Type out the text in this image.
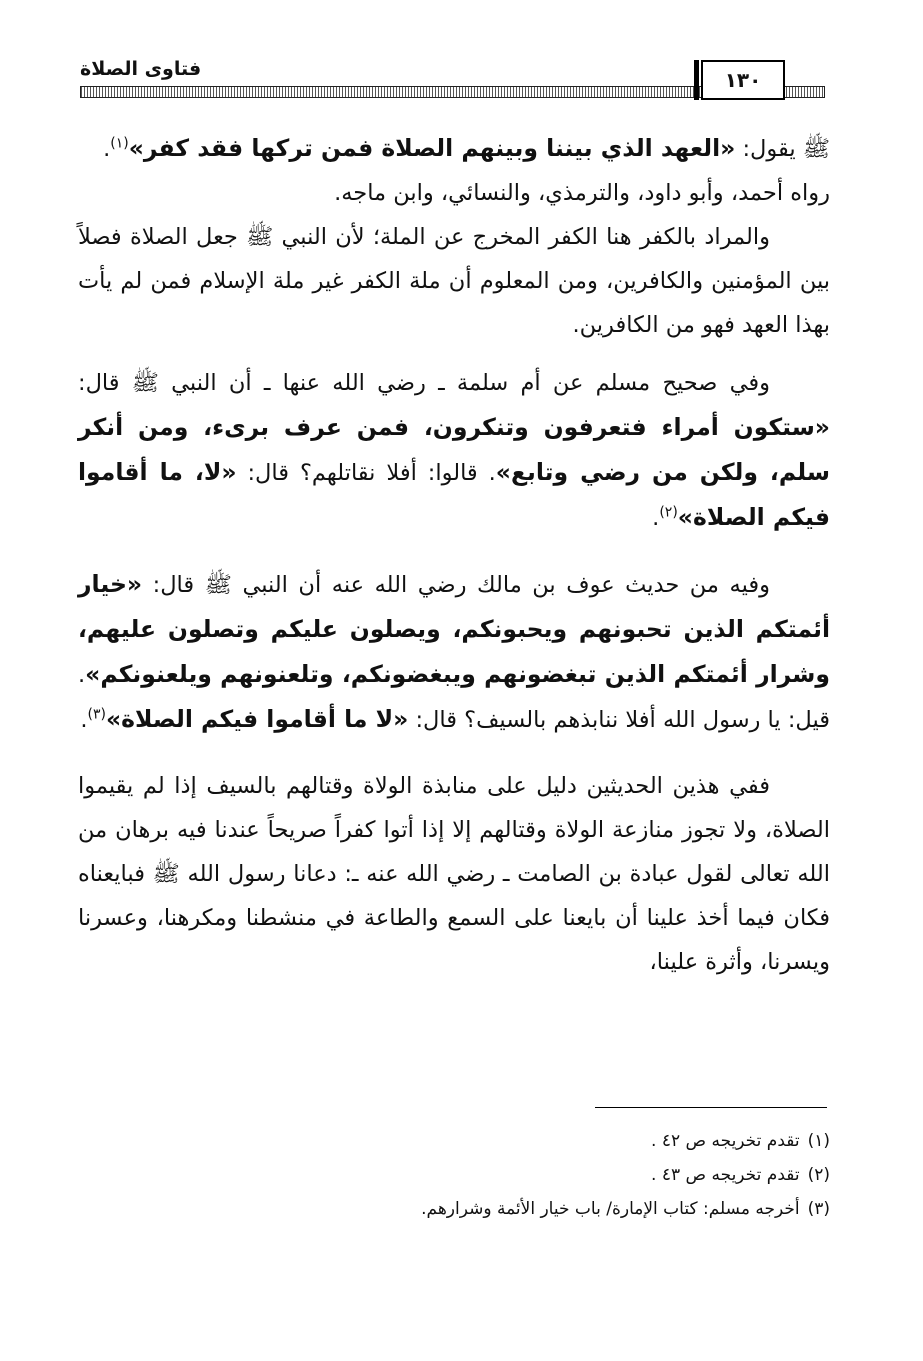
١٣٠
فتاوى الصلاة

ﷺ يقول: «العهد الذي بيننا وبينهم الصلاة فمن تركها فقد كفر»$^{(١)}$.

رواه أحمد، وأبو داود، والترمذي، والنسائي، وابن ماجه.

والمراد بالكفر هنا الكفر المخرج عن الملة؛ لأن النبي ﷺ جعل الصلاة فصلاً بين المؤمنين والكافرين، ومن المعلوم أن ملة الكفر غير ملة الإسلام فمن لم يأت بهذا العهد فهو من الكافرين.

وفي صحيح مسلم عن أم سلمة ـ رضي الله عنها ـ أن النبي ﷺ قال: «ستكون أمراء فتعرفون وتنكرون، فمن عرف برىء، ومن أنكر سلم، ولكن من رضي وتابع». قالوا: أفلا نقاتلهم؟ قال: «لا، ما أقاموا فيكم الصلاة»$^{(٢)}$.

وفيه من حديث عوف بن مالك رضي الله عنه أن النبي ﷺ قال: «خيار أئمتكم الذين تحبونهم ويحبونكم، ويصلون عليكم وتصلون عليهم، وشرار أئمتكم الذين تبغضونهم ويبغضونكم، وتلعنونهم ويلعنونكم». قيل: يا رسول الله أفلا ننابذهم بالسيف؟ قال: «لا ما أقاموا فيكم الصلاة»$^{(٣)}$.

ففي هذين الحديثين دليل على منابذة الولاة وقتالهم بالسيف إذا لم يقيموا الصلاة، ولا تجوز منازعة الولاة وقتالهم إلا إذا أتوا كفراً صريحاً عندنا فيه برهان من الله تعالى لقول عبادة بن الصامت ـ رضي الله عنه ـ: دعانا رسول الله ﷺ فبايعناه فكان فيما أخذ علينا أن بايعنا على السمع والطاعة في منشطنا ومكرهنا، وعسرنا ويسرنا، وأثرة علينا،

(١)تقدم تخريجه ص ٤٢ .
(٢)تقدم تخريجه ص ٤٣ .
(٣)أخرجه مسلم: كتاب الإمارة/ باب خيار الأئمة وشرارهم.
